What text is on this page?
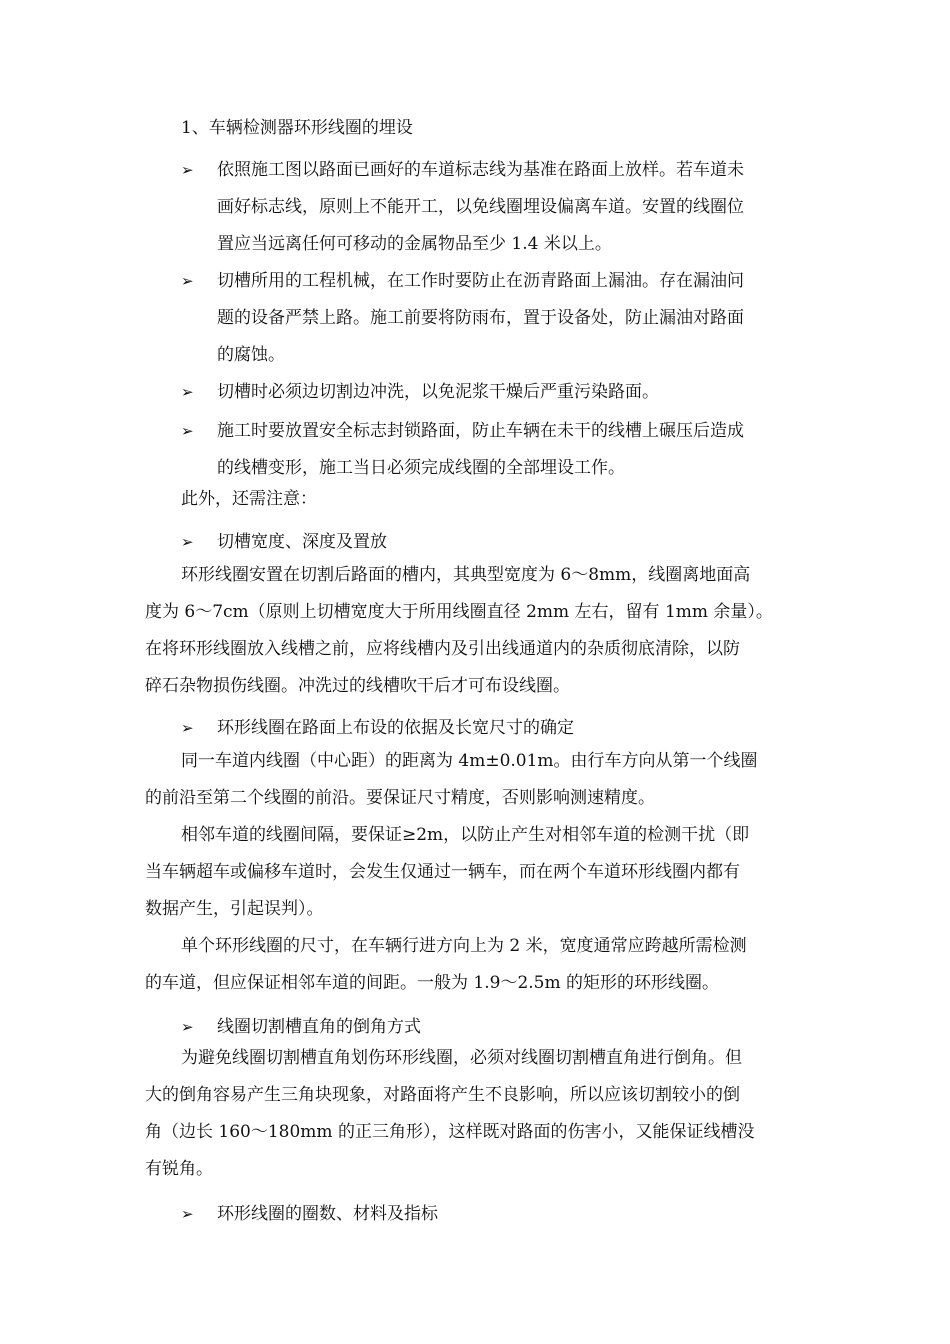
1、车辆检测器环形线圈的埋设
➢ 依照施工图以路面已画好的车道标志线为基准在路面上放样。若车道未
画好标志线，原则上不能开工，以免线圈埋设偏离车道。安置的线圈位
置应当远离任何可移动的金属物品至少 1.4 米以上。
➢ 切槽所用的工程机械，在工作时要防止在沥青路面上漏油。存在漏油问
题的设备严禁上路。施工前要将防雨布，置于设备处，防止漏油对路面
的腐蚀。
➢ 切槽时必须边切割边冲洗，以免泥浆干燥后严重污染路面。
➢ 施工时要放置安全标志封锁路面，防止车辆在未干的线槽上碾压后造成
的线槽变形，施工当日必须完成线圈的全部埋设工作。
此外，还需注意：
➢ 切槽宽度、深度及置放
环形线圈安置在切割后路面的槽内，其典型宽度为 6～8mm，线圈离地面高
度为 6～7cm（原则上切槽宽度大于所用线圈直径 2mm 左右，留有 1mm 余量）。
在将环形线圈放入线槽之前，应将线槽内及引出线通道内的杂质彻底清除，以防
碎石杂物损伤线圈。冲洗过的线槽吹干后才可布设线圈。
➢ 环形线圈在路面上布设的依据及长宽尺寸的确定
同一车道内线圈（中心距）的距离为 4m±0.01m。由行车方向从第一个线圈
的前沿至第二个线圈的前沿。要保证尺寸精度，否则影响测速精度。
相邻车道的线圈间隔，要保证≥2m，以防止产生对相邻车道的检测干扰（即
当车辆超车或偏移车道时，会发生仅通过一辆车，而在两个车道环形线圈内都有
数据产生，引起误判）。
单个环形线圈的尺寸，在车辆行进方向上为 2 米，宽度通常应跨越所需检测
的车道，但应保证相邻车道的间距。一般为 1.9～2.5m 的矩形的环形线圈。
➢ 线圈切割槽直角的倒角方式
为避免线圈切割槽直角划伤环形线圈，必须对线圈切割槽直角进行倒角。但
大的倒角容易产生三角块现象，对路面将产生不良影响，所以应该切割较小的倒
角（边长 160～180mm 的正三角形），这样既对路面的伤害小，又能保证线槽没
有锐角。
➢ 环形线圈的圈数、材料及指标
